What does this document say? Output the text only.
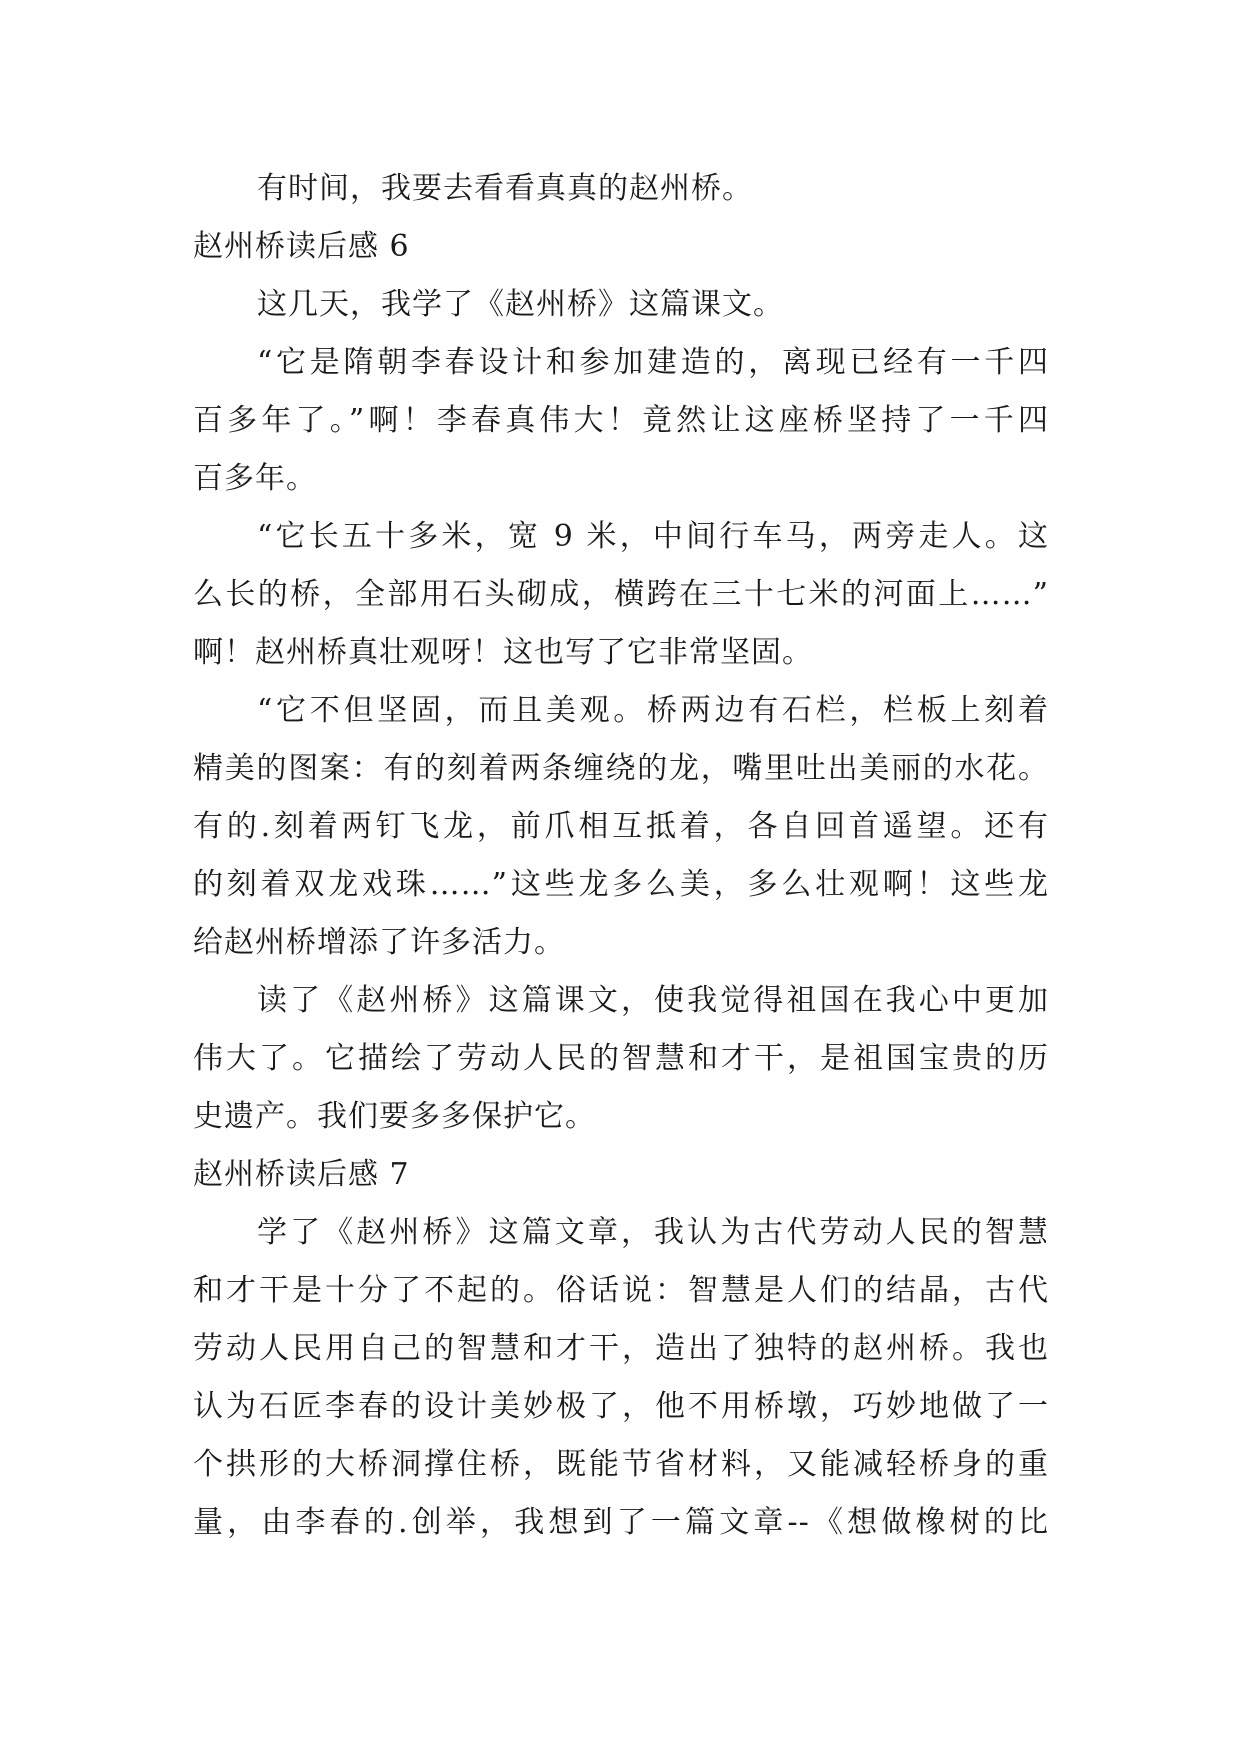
有时间，我要去看看真真的赵州桥。
赵州桥读后感 6
这几天，我学了《赵州桥》这篇课文。
“它是隋朝李春设计和参加建造的，离现已经有一千四
百多年了。”啊！李春真伟大！竟然让这座桥坚持了一千四
百多年。
“它长五十多米，宽 9 米，中间行车马，两旁走人。这
么长的桥，全部用石头砌成，横跨在三十七米的河面上……”
啊！赵州桥真壮观呀！这也写了它非常坚固。
“它不但坚固，而且美观。桥两边有石栏，栏板上刻着
精美的图案：有的刻着两条缠绕的龙，嘴里吐出美丽的水花。
有的.刻着两钉飞龙，前爪相互抵着，各自回首遥望。还有
的刻着双龙戏珠……”这些龙多么美，多么壮观啊！这些龙
给赵州桥增添了许多活力。
读了《赵州桥》这篇课文，使我觉得祖国在我心中更加
伟大了。它描绘了劳动人民的智慧和才干，是祖国宝贵的历
史遗产。我们要多多保护它。
赵州桥读后感 7
学了《赵州桥》这篇文章，我认为古代劳动人民的智慧
和才干是十分了不起的。俗话说：智慧是人们的结晶，古代
劳动人民用自己的智慧和才干，造出了独特的赵州桥。我也
认为石匠李春的设计美妙极了，他不用桥墩，巧妙地做了一
个拱形的大桥洞撑住桥，既能节省材料，又能减轻桥身的重
量，由李春的.创举，我想到了一篇文章--《想做橡树的比
